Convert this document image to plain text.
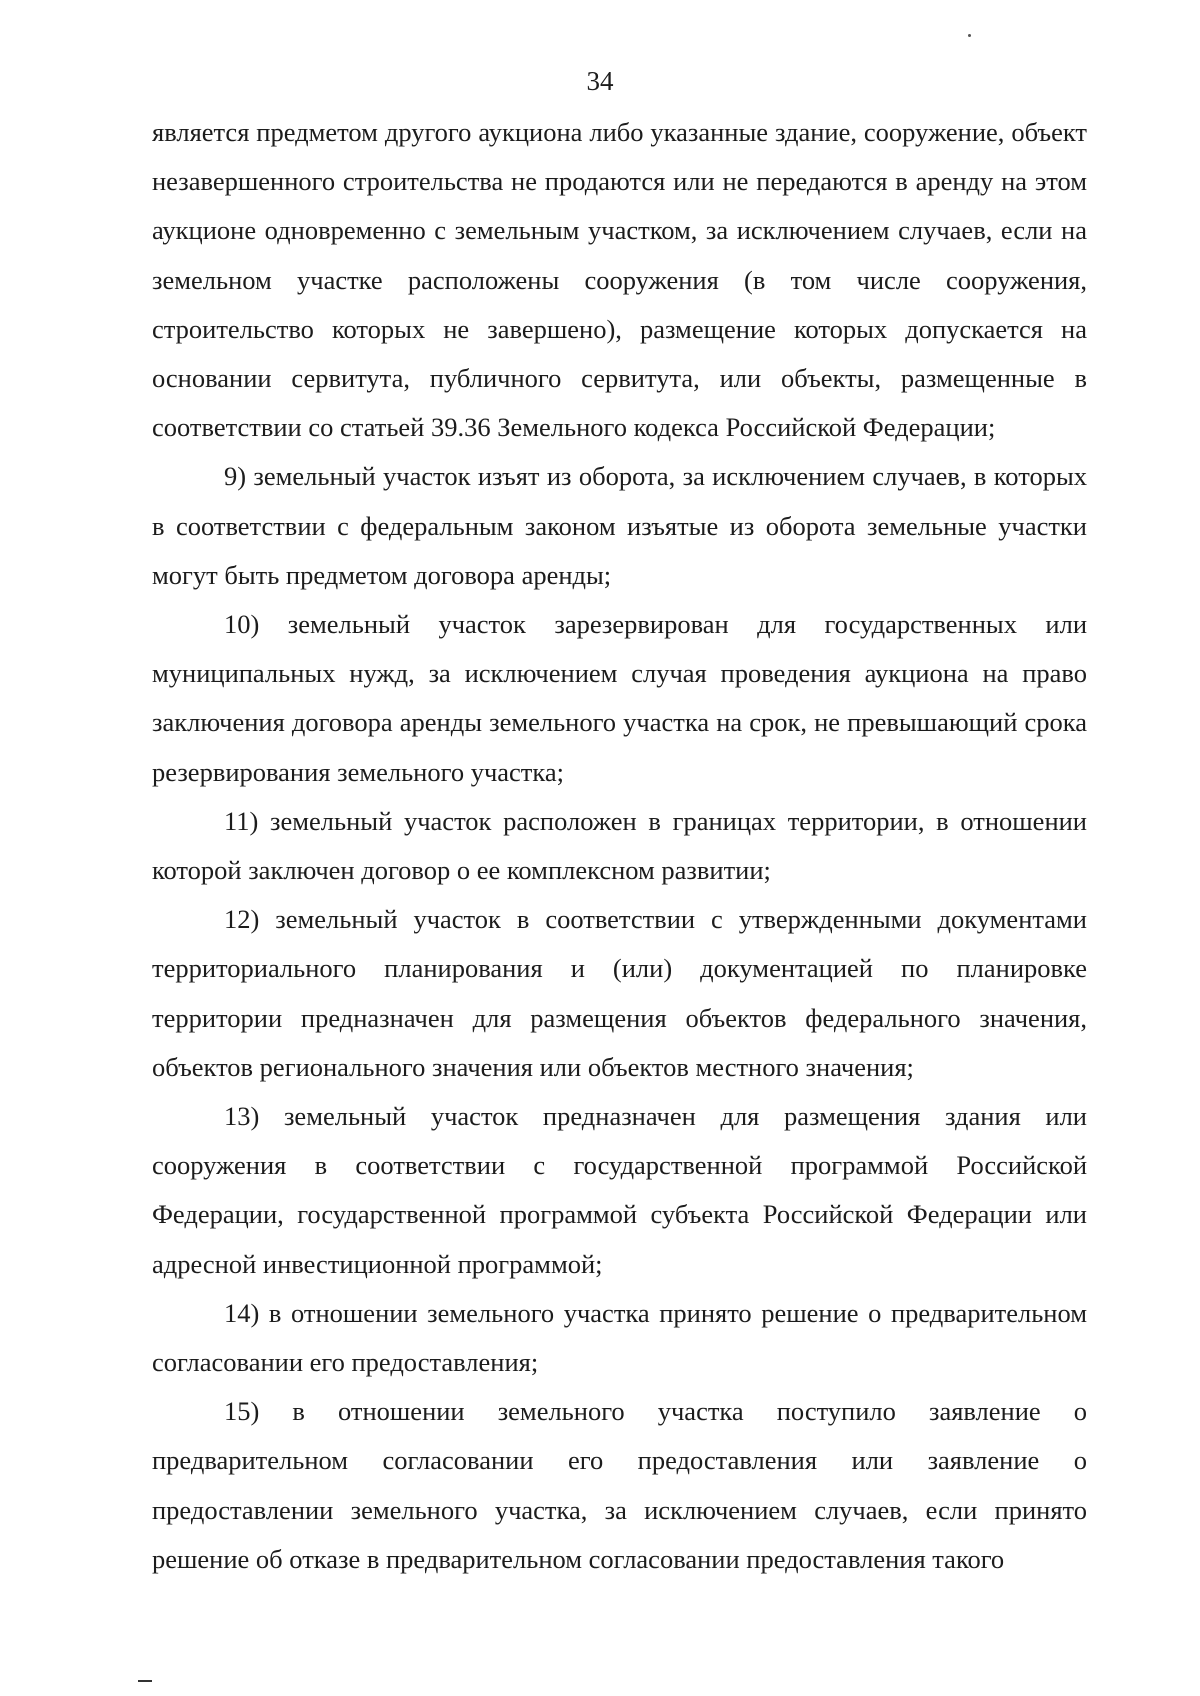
34

является предметом другого аукциона либо указанные здание, сооружение, объект незавершенного строительства не продаются или не передаются в аренду на этом аукционе одновременно с земельным участком, за исключением случаев, если на земельном участке расположены сооружения (в том числе сооружения, строительство которых не завершено), размещение которых допускается на основании сервитута, публичного сервитута, или объекты, размещенные в соответствии со статьей 39.36 Земельного кодекса Российской Федерации;

9) земельный участок изъят из оборота, за исключением случаев, в которых в соответствии с федеральным законом изъятые из оборота земельные участки могут быть предметом договора аренды;

10) земельный участок зарезервирован для государственных или муниципальных нужд, за исключением случая проведения аукциона на право заключения договора аренды земельного участка на срок, не превышающий срока резервирования земельного участка;

11) земельный участок расположен в границах территории, в отношении которой заключен договор о ее комплексном развитии;

12) земельный участок в соответствии с утвержденными документами территориального планирования и (или) документацией по планировке территории предназначен для размещения объектов федерального значения, объектов регионального значения или объектов местного значения;

13) земельный участок предназначен для размещения здания или сооружения в соответствии с государственной программой Российской Федерации, государственной программой субъекта Российской Федерации или адресной инвестиционной программой;

14) в отношении земельного участка принято решение о предварительном согласовании его предоставления;

15) в отношении земельного участка поступило заявление о предварительном согласовании его предоставления или заявление о предоставлении земельного участка, за исключением случаев, если принято решение об отказе в предварительном согласовании предоставления такого
